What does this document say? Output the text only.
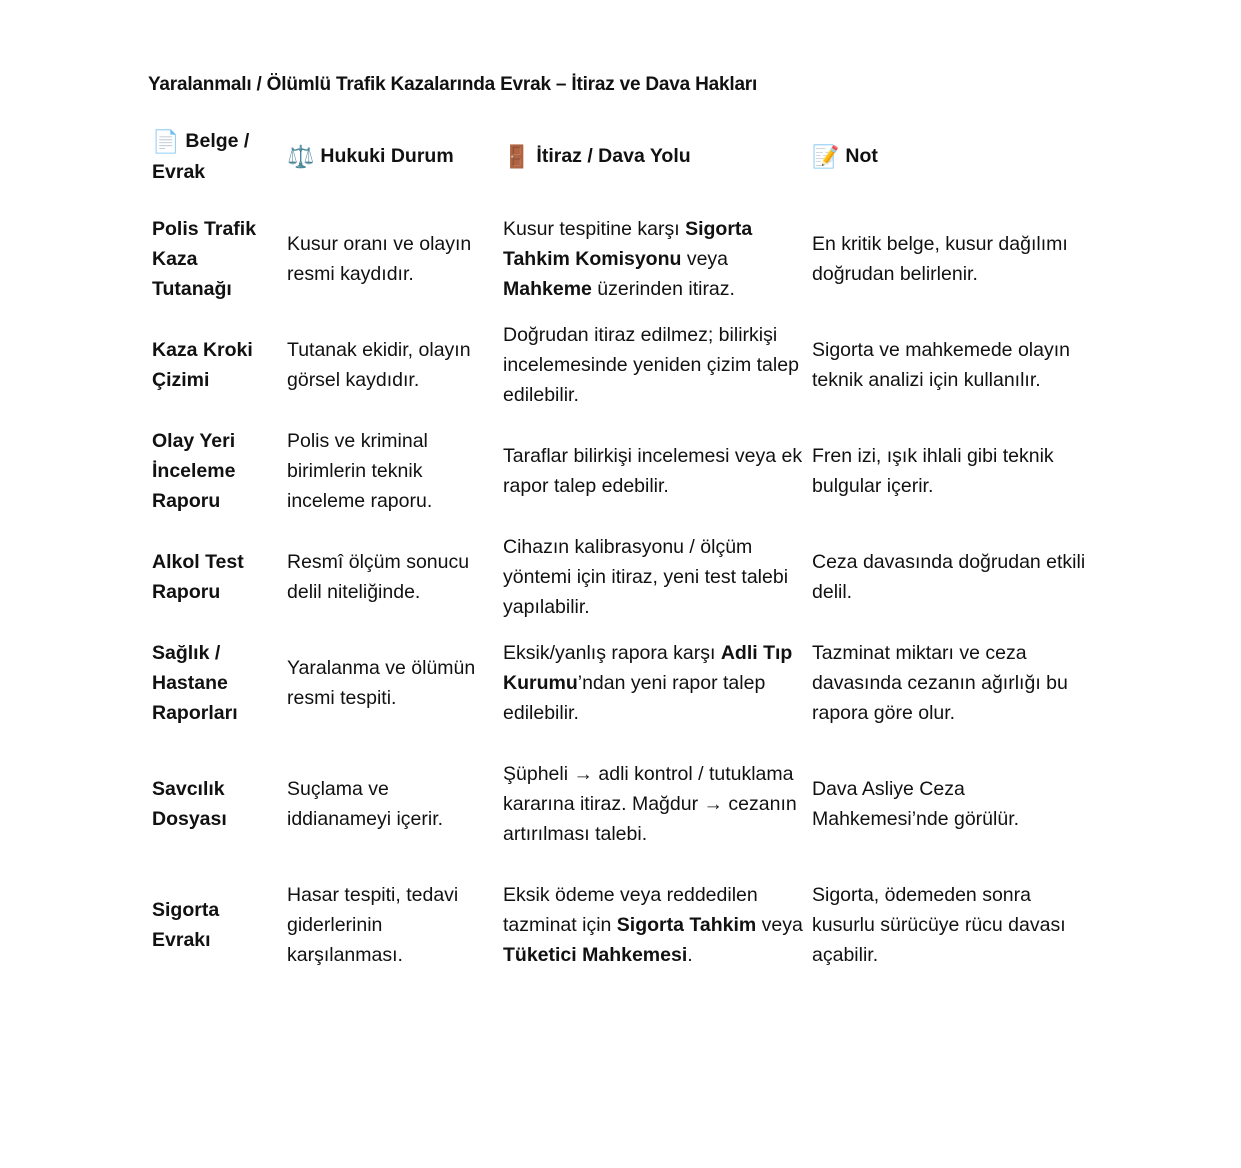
Yaralanmalı / Ölümlü Trafik Kazalarında Evrak – İtiraz ve Dava Hakları
📄 Belge / Evrak	⚖️ Hukuki Durum	🚪 İtiraz / Dava Yolu	📝 Not
Polis Trafik Kaza Tutanağı	Kusur oranı ve olayın resmi kaydıdır.	Kusur tespitine karşı Sigorta Tahkim Komisyonu veya Mahkeme üzerinden itiraz.	En kritik belge, kusur dağılımı doğrudan belirlenir.
Kaza Kroki Çizimi	Tutanak ekidir, olayın görsel kaydıdır.	Doğrudan itiraz edilmez; bilirkişi incelemesinde yeniden çizim talep edilebilir.	Sigorta ve mahkemede olayın teknik analizi için kullanılır.
Olay Yeri İnceleme Raporu	Polis ve kriminal birimlerin teknik inceleme raporu.	Taraflar bilirkişi incelemesi veya ek rapor talep edebilir.	Fren izi, ışık ihlali gibi teknik bulgular içerir.
Alkol Test Raporu	Resmî ölçüm sonucu delil niteliğinde.	Cihazın kalibrasyonu / ölçüm yöntemi için itiraz, yeni test talebi yapılabilir.	Ceza davasında doğrudan etkili delil.
Sağlık / Hastane Raporları	Yaralanma ve ölümün resmi tespiti.	Eksik/yanlış rapora karşı Adli Tıp Kurumu’ndan yeni rapor talep edilebilir.	Tazminat miktarı ve ceza davasında cezanın ağırlığı bu rapora göre olur.
Savcılık Dosyası	Suçlama ve iddianameyi içerir.	Şüpheli → adli kontrol / tutuklama kararına itiraz. Mağdur → cezanın artırılması talebi.	Dava Asliye Ceza Mahkemesi’nde görülür.
Sigorta Evrakı	Hasar tespiti, tedavi giderlerinin karşılanması.	Eksik ödeme veya reddedilen tazminat için Sigorta Tahkim veya Tüketici Mahkemesi.	Sigorta, ödemeden sonra kusurlu sürücüye rücu davası açabilir.
